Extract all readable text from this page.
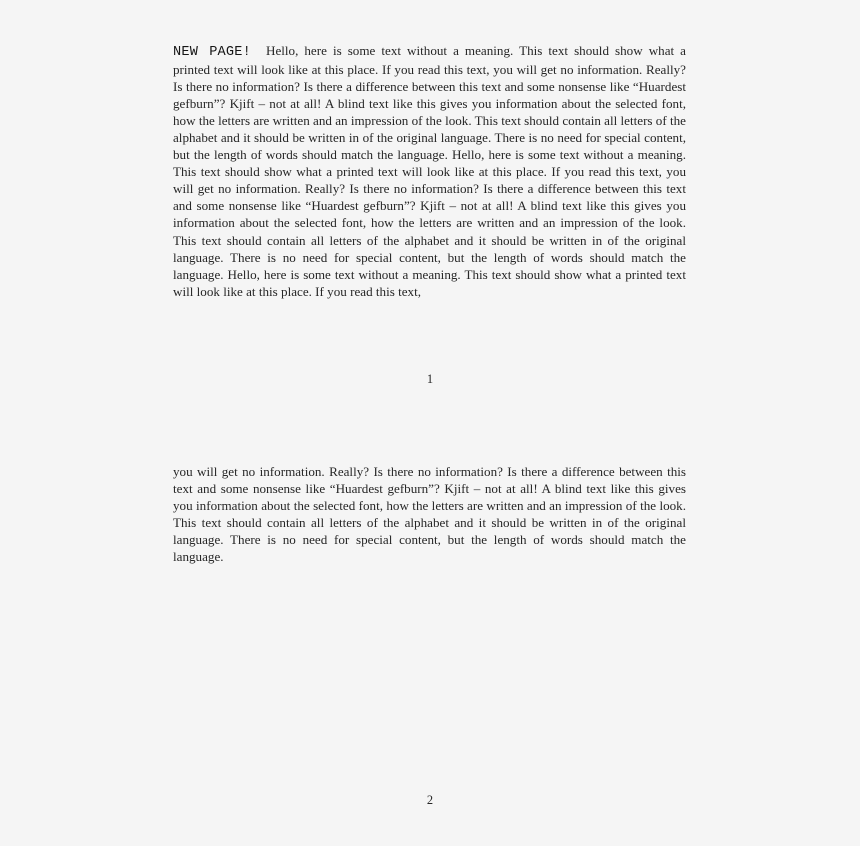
NEW PAGE! Hello, here is some text without a meaning. This text should show what a printed text will look like at this place. If you read this text, you will get no information. Really? Is there no information? Is there a difference between this text and some nonsense like “Huardest gefburn”? Kjift – not at all! A blind text like this gives you information about the selected font, how the letters are written and an impression of the look. This text should contain all letters of the alphabet and it should be written in of the original language. There is no need for special content, but the length of words should match the language. Hello, here is some text without a meaning. This text should show what a printed text will look like at this place. If you read this text, you will get no information. Really? Is there no information? Is there a difference between this text and some nonsense like “Huardest gefburn”? Kjift – not at all! A blind text like this gives you information about the selected font, how the letters are written and an impression of the look. This text should contain all letters of the alphabet and it should be written in of the original language. There is no need for special content, but the length of words should match the language. Hello, here is some text without a meaning. This text should show what a printed text will look like at this place. If you read this text,
1
you will get no information. Really? Is there no information? Is there a difference between this text and some nonsense like “Huardest gefburn”? Kjift – not at all! A blind text like this gives you information about the selected font, how the letters are written and an impression of the look. This text should contain all letters of the alphabet and it should be written in of the original language. There is no need for special content, but the length of words should match the language.
2
